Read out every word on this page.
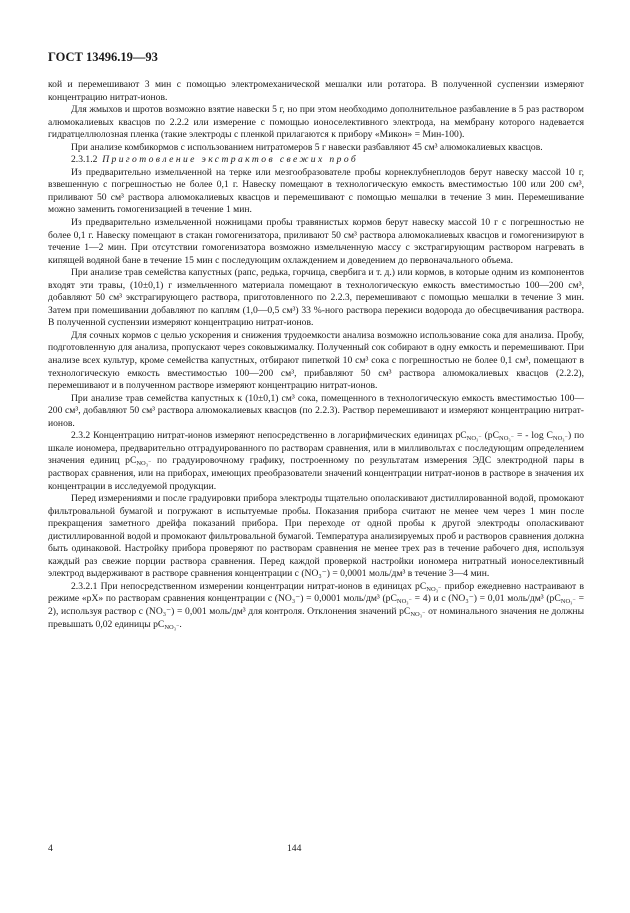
ГОСТ 13496.19—93

кой и перемешивают 3 мин с помощью электромеханической мешалки или ротатора. В полученной суспензии измеряют концентрацию нитрат-ионов.

Для жмыхов и шротов возможно взятие навески 5 г, но при этом необходимо дополнительное разбавление в 5 раз раствором алюмокалиевых квасцов по 2.2.2 или измерение с помощью ионоселективного электрода, на мембрану которого надевается гидратцеллюлозная пленка (такие электроды с пленкой прилагаются к прибору «Микон» = Мин-100).

При анализе комбикормов с использованием нитратомеров 5 г навески разбавляют 45 см³ алюмокалиевых квасцов.

2.3.1.2 Приготовление экстрактов свежих проб

Из предварительно измельченной на терке или мезгообразователе пробы корнеклубнеплодов берут навеску массой 10 г, взвешенную с погрешностью не более 0,1 г. Навеску помещают в технологическую емкость вместимостью 100 или 200 см³, приливают 50 см³ раствора алюмокалиевых квасцов и перемешивают с помощью мешалки в течение 3 мин. Перемешивание можно заменить гомогенизацией в течение 1 мин.

Из предварительно измельченной ножницами пробы травянистых кормов берут навеску массой 10 г с погрешностью не более 0,1 г. Навеску помещают в стакан гомогенизатора, приливают 50 см³ раствора алюмокалиевых квасцов и гомогенизируют в течение 1—2 мин. При отсутствии гомогенизатора возможно измельченную массу с экстрагирующим раствором нагревать в кипящей водяной бане в течение 15 мин с последующим охлаждением и доведением до первоначального объема.

При анализе трав семейства капустных (рапс, редька, горчица, свербига и т. д.) или кормов, в которые одним из компонентов входят эти травы, (10±0,1) г измельченного материала помещают в технологическую емкость вместимостью 100—200 см³, добавляют 50 см³ экстрагирующего раствора, приготовленного по 2.2.3, перемешивают с помощью мешалки в течение 3 мин. Затем при помешивании добавляют по каплям (1,0—0,5 см³) 33 %-ного раствора перекиси водорода до обесцвечивания раствора. В полученной суспензии измеряют концентрацию нитрат-ионов.

Для сочных кормов с целью ускорения и снижения трудоемкости анализа возможно использование сока для анализа. Пробу, подготовленную для анализа, пропускают через соковыжималку. Полученный сок собирают в одну емкость и перемешивают. При анализе всех культур, кроме семейства капустных, отбирают пипеткой 10 см³ сока с погрешностью не более 0,1 см³, помещают в технологическую емкость вместимостью 100—200 см³, прибавляют 50 см³ раствора алюмокалиевых квасцов (2.2.2), перемешивают и в полученном растворе измеряют концентрацию нитрат-ионов.

При анализе трав семейства капустных к (10±0,1) см³ сока, помещенного в технологическую емкость вместимостью 100—200 см³, добавляют 50 см³ раствора алюмокалиевых квасцов (по 2.2.3). Раствор перемешивают и измеряют концентрацию нитрат-ионов.

2.3.2 Концентрацию нитрат-ионов измеряют непосредственно в логарифмических единицах $pC_{NO_3^-}$ ($pC_{NO_3^-}$ = - $\log C_{NO_3^-}$) по шкале иономера, предварительно отградуированного по растворам сравнения, или в милливольтах с последующим определением значения единиц $pC_{NO_3^-}$ по градуировочному графику, построенному по результатам измерения ЭДС электродной пары в растворах сравнения, или на приборах, имеющих преобразователи значений концентрации нитрат-ионов в растворе в значения их концентрации в исследуемой продукции.

Перед измерениями и после градуировки прибора электроды тщательно ополаскивают дистиллированной водой, промокают фильтровальной бумагой и погружают в испытуемые пробы. Показания прибора считают не менее чем через 1 мин после прекращения заметного дрейфа показаний прибора. При переходе от одной пробы к другой электроды ополаскивают дистиллированной водой и промокают фильтровальной бумагой. Температура анализируемых проб и растворов сравнения должна быть одинаковой. Настройку прибора проверяют по растворам сравнения не менее трех раз в течение рабочего дня, используя каждый раз свежие порции раствора сравнения. Перед каждой проверкой настройки иономера нитратный ионоселективный электрод выдерживают в растворе сравнения концентрации с (NO₃⁻) = 0,0001 моль/дм³ в течение 3—4 мин.

2.3.2.1 При непосредственном измерении концентрации нитрат-ионов в единицах $pC_{NO_3^-}$ прибор ежедневно настраивают в режиме «pX» по растворам сравнения концентрации c (NO₃⁻) = 0,0001 моль/дм³ $(pC_{NO_3^-} = 4)$ и c (NO₃⁻) = 0,01 моль/дм³ $(pC_{NO_3^-} = 2)$, используя раствор c (NO₃⁻) = 0,001 моль/дм³ для контроля. Отклонения значений $pC_{NO_3^-}$ от номинального значения не должны превышать 0,02 единицы $pC_{NO_3^-}$.

4	144
